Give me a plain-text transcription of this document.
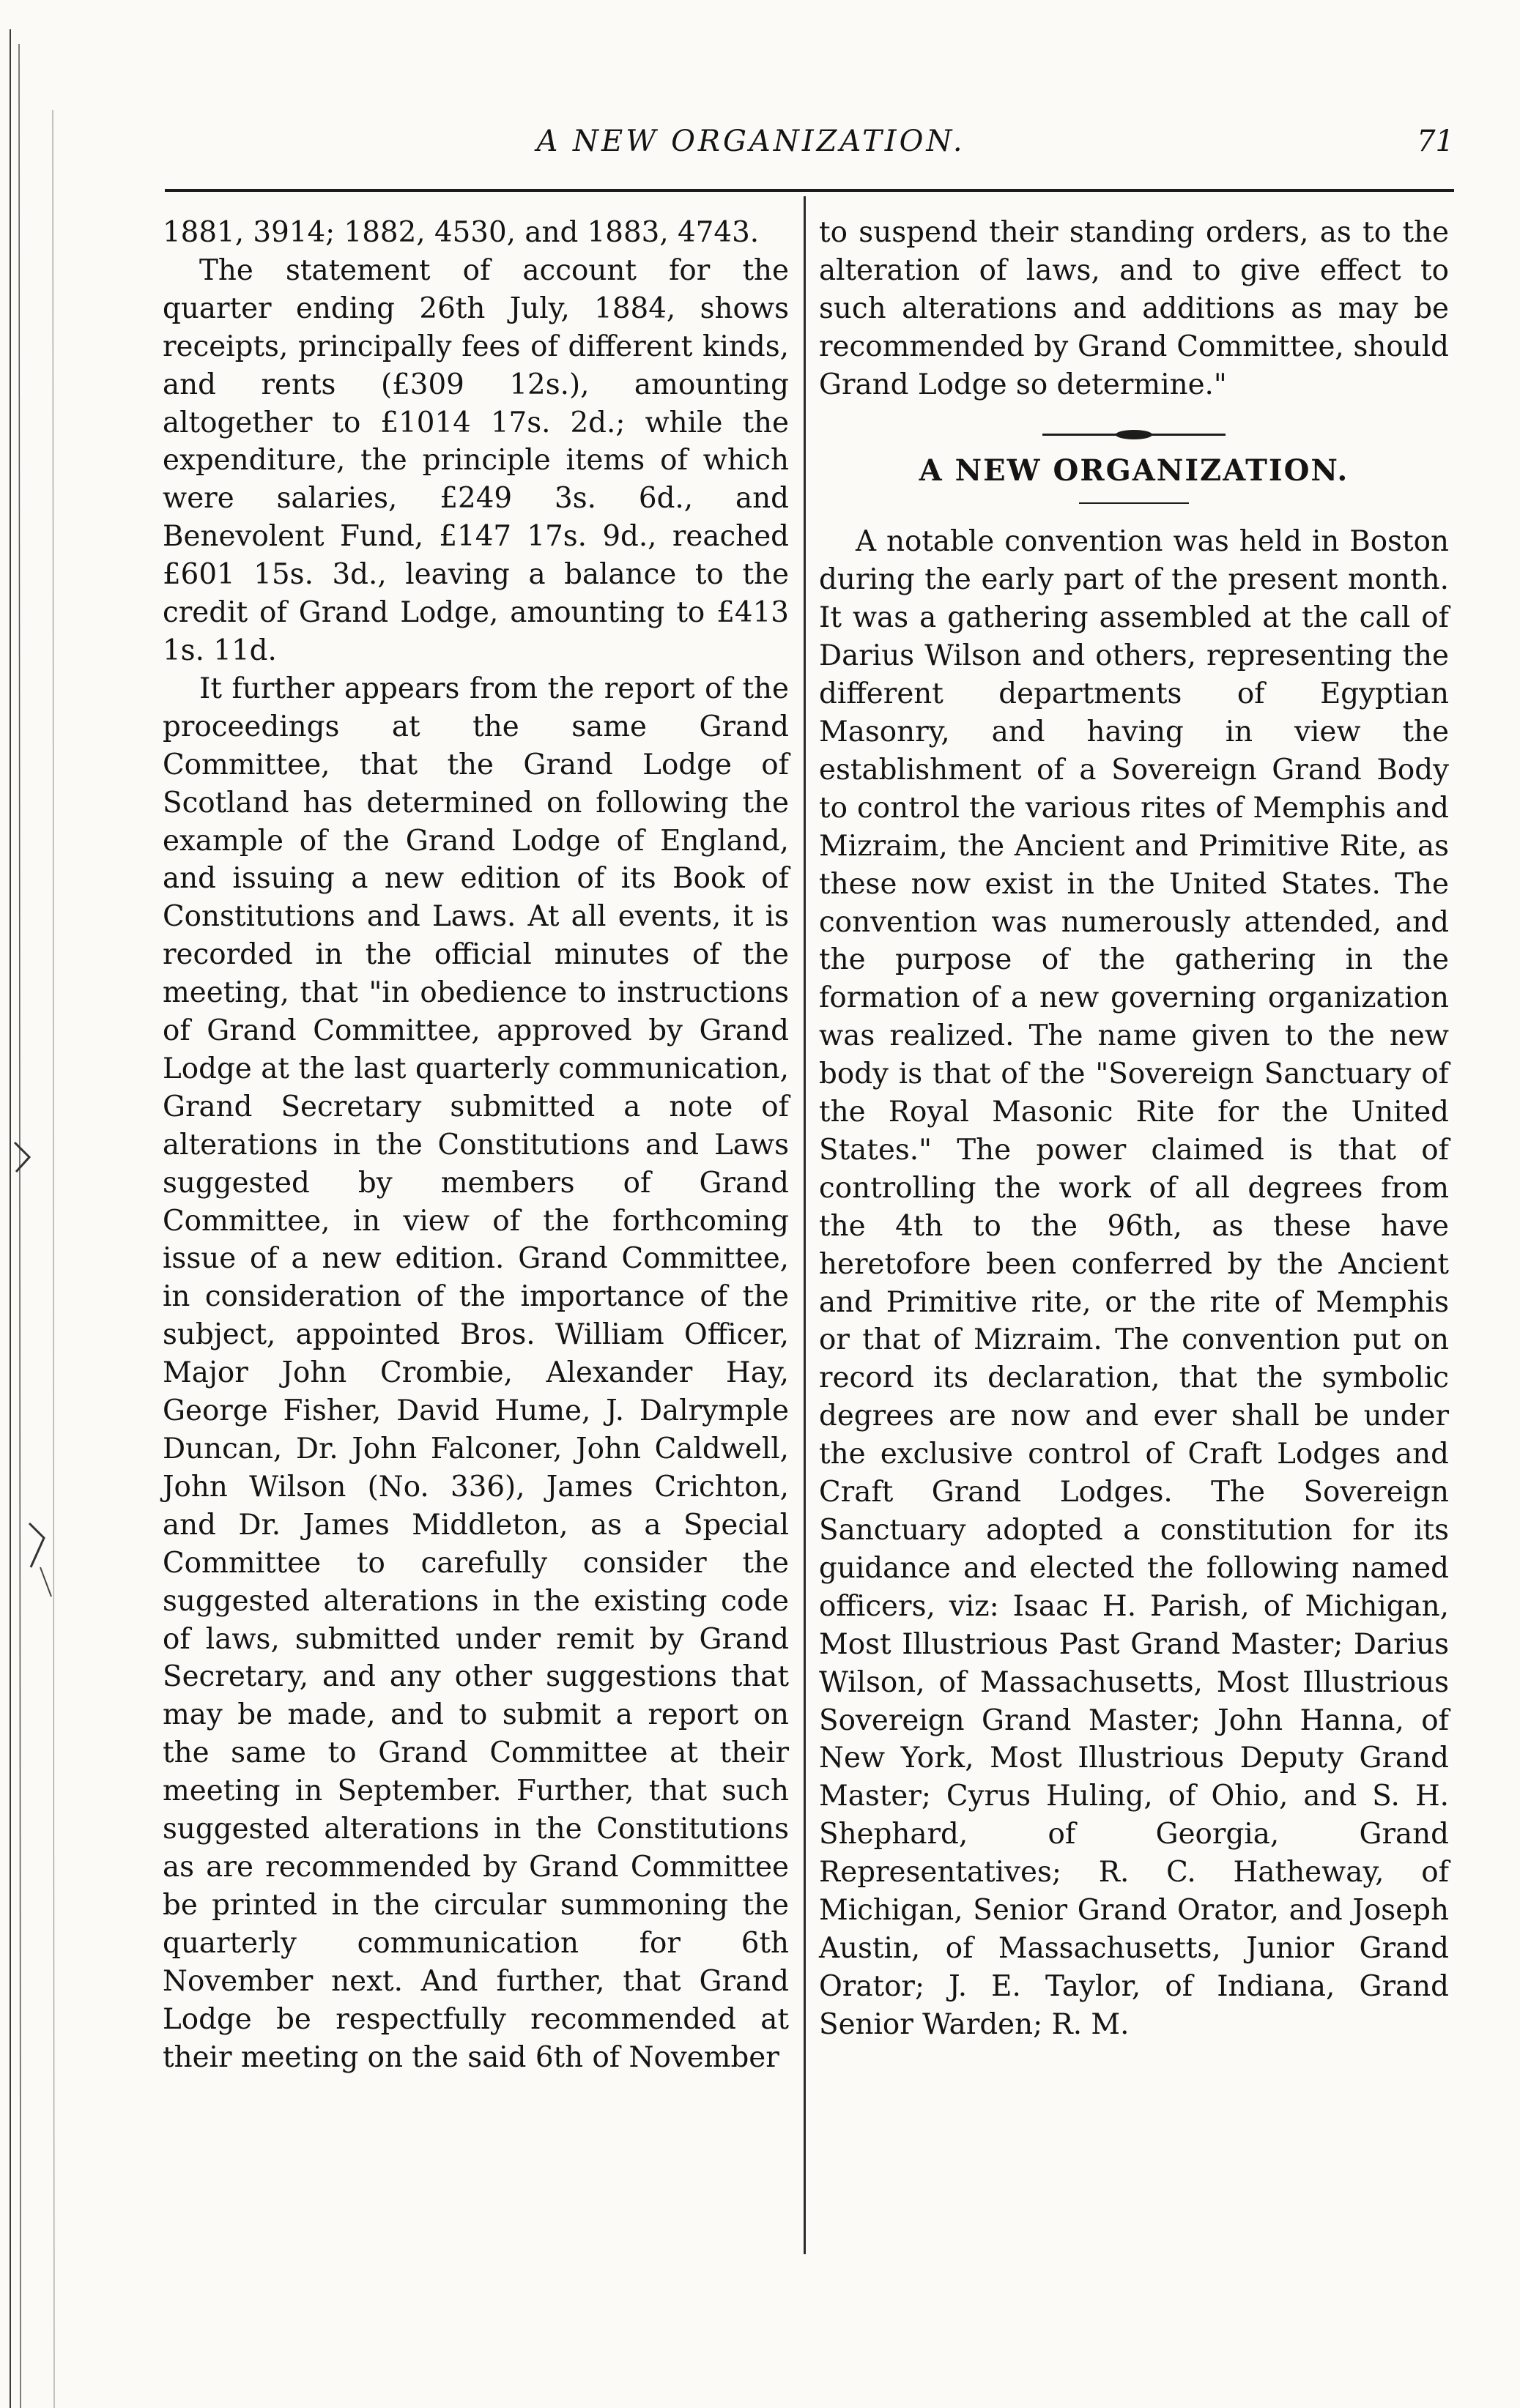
A NEW ORGANIZATION.	71

1881, 3914; 1882, 4530, and 1883, 4743.

The statement of account for the quarter ending 26th July, 1884, shows receipts, principally fees of different kinds, and rents (£309 12s.), amounting altogether to £1014 17s. 2d.; while the expenditure, the principle items of which were salaries, £249 3s. 6d., and Benevolent Fund, £147 17s. 9d., reached £601 15s. 3d., leaving a balance to the credit of Grand Lodge, amounting to £413 1s. 11d.

It further appears from the report of the proceedings at the same Grand Committee, that the Grand Lodge of Scotland has determined on following the example of the Grand Lodge of England, and issuing a new edition of its Book of Constitutions and Laws. At all events, it is recorded in the official minutes of the meeting, that "in obedience to instructions of Grand Committee, approved by Grand Lodge at the last quarterly communication, Grand Secretary submitted a note of alterations in the Constitutions and Laws suggested by members of Grand Committee, in view of the forthcoming issue of a new edition. Grand Committee, in consideration of the importance of the subject, appointed Bros. William Officer, Major John Crombie, Alexander Hay, George Fisher, David Hume, J. Dalrymple Duncan, Dr. John Falconer, John Caldwell, John Wilson (No. 336), James Crichton, and Dr. James Middleton, as a Special Committee to carefully consider the suggested alterations in the existing code of laws, submitted under remit by Grand Secretary, and any other suggestions that may be made, and to submit a report on the same to Grand Committee at their meeting in September. Further, that such suggested alterations in the Constitutions as are recommended by Grand Committee be printed in the circular summoning the quarterly communication for 6th November next. And further, that Grand Lodge be respectfully recommended at their meeting on the said 6th of November

to suspend their standing orders, as to the alteration of laws, and to give effect to such alterations and additions as may be recommended by Grand Committee, should Grand Lodge so determine."

A NEW ORGANIZATION.

A notable convention was held in Boston during the early part of the present month. It was a gathering assembled at the call of Darius Wilson and others, representing the different departments of Egyptian Masonry, and having in view the establishment of a Sovereign Grand Body to control the various rites of Memphis and Mizraim, the Ancient and Primitive Rite, as these now exist in the United States. The convention was numerously attended, and the purpose of the gathering in the formation of a new governing organization was realized. The name given to the new body is that of the "Sovereign Sanctuary of the Royal Masonic Rite for the United States." The power claimed is that of controlling the work of all degrees from the 4th to the 96th, as these have heretofore been conferred by the Ancient and Primitive rite, or the rite of Memphis or that of Mizraim. The convention put on record its declaration, that the symbolic degrees are now and ever shall be under the exclusive control of Craft Lodges and Craft Grand Lodges. The Sovereign Sanctuary adopted a constitution for its guidance and elected the following named officers, viz: Isaac H. Parish, of Michigan, Most Illustrious Past Grand Master; Darius Wilson, of Massachusetts, Most Illustrious Sovereign Grand Master; John Hanna, of New York, Most Illustrious Deputy Grand Master; Cyrus Huling, of Ohio, and S. H. Shephard, of Georgia, Grand Representatives; R. C. Hatheway, of Michigan, Senior Grand Orator, and Joseph Austin, of Massachusetts, Junior Grand Orator; J. E. Taylor, of Indiana, Grand Senior Warden; R. M.
